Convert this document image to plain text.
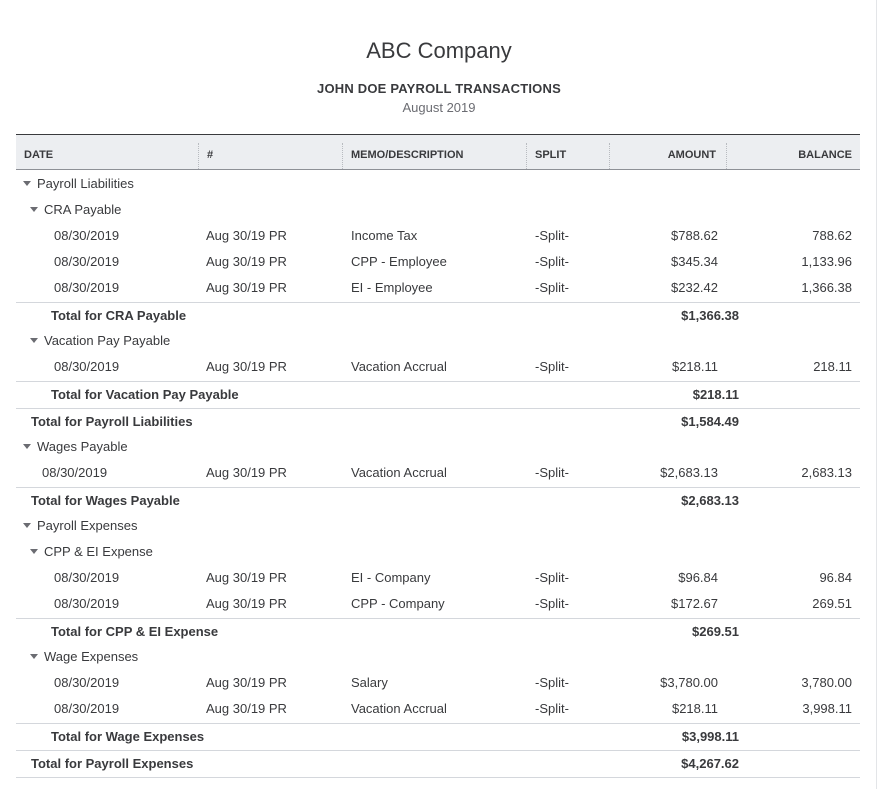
ABC Company
JOHN DOE PAYROLL TRANSACTIONS
August 2019
DATE	#	MEMO/DESCRIPTION	SPLIT	AMOUNT	BALANCE
Payroll Liabilities
CRA Payable
08/30/2019	Aug 30/19 PR	Income Tax	-Split-	$788.62	788.62
08/30/2019	Aug 30/19 PR	CPP - Employee	-Split-	$345.34	1,133.96
08/30/2019	Aug 30/19 PR	EI - Employee	-Split-	$232.42	1,366.38
Total for CRA Payable	$1,366.38
Vacation Pay Payable
08/30/2019	Aug 30/19 PR	Vacation Accrual	-Split-	$218.11	218.11
Total for Vacation Pay Payable	$218.11
Total for Payroll Liabilities	$1,584.49
Wages Payable
08/30/2019	Aug 30/19 PR	Vacation Accrual	-Split-	$2,683.13	2,683.13
Total for Wages Payable	$2,683.13
Payroll Expenses
CPP & EI Expense
08/30/2019	Aug 30/19 PR	EI - Company	-Split-	$96.84	96.84
08/30/2019	Aug 30/19 PR	CPP - Company	-Split-	$172.67	269.51
Total for CPP & EI Expense	$269.51
Wage Expenses
08/30/2019	Aug 30/19 PR	Salary	-Split-	$3,780.00	3,780.00
08/30/2019	Aug 30/19 PR	Vacation Accrual	-Split-	$218.11	3,998.11
Total for Wage Expenses	$3,998.11
Total for Payroll Expenses	$4,267.62
